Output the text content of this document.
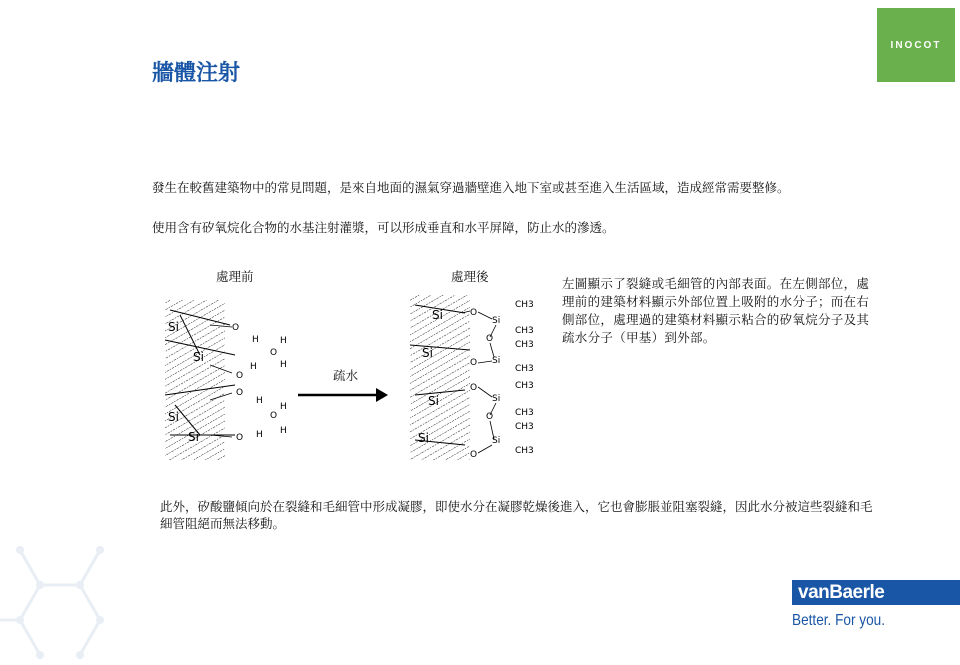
INOCOT
牆體注射
發生在較舊建築物中的常見問題，是來自地面的濕氣穿過牆壁進入地下室或甚至進入生活區域，造成經常需要整修。
使用含有矽氧烷化合物的水基注射灌漿，可以形成垂直和水平屏障，防止水的滲透。
處理前	處理後
Si
Si
Si
Si
O
H
O
H
H
O
H
O
H
O
H
H
O H
Si
Si
Si
Si
O
Si
CH3
CH3
O
CH3
Si
CH3
O
O	CH3
Si
CH3
O
CH3
Si
CH3
O
疏水
左圖顯示了裂縫或毛細管的內部表面。在左側部位，處理前的建築材料顯示外部位置上吸附的水分子；而在右側部位，處理過的建築材料顯示粘合的矽氧烷分子及其疏水分子（甲基）到外部。
此外，矽酸鹽傾向於在裂縫和毛細管中形成凝膠，即使水分在凝膠乾燥後進入，它也會膨脹並阻塞裂縫，因此水分被這些裂縫和毛細管阻絕而無法移動。
vanBaerle
Better. For you.
